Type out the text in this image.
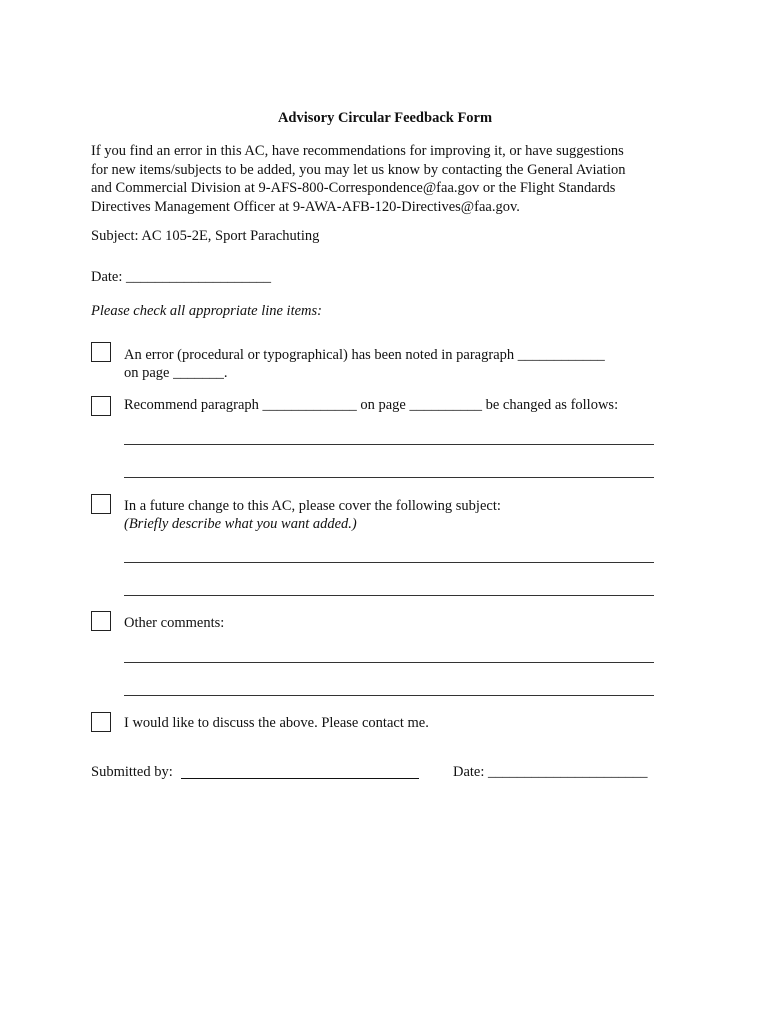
Advisory Circular Feedback Form
If you find an error in this AC, have recommendations for improving it, or have suggestions
for new items/subjects to be added, you may let us know by contacting the General Aviation
and Commercial Division at 9-AFS-800-Correspondence@faa.gov or the Flight Standards
Directives Management Officer at 9-AWA-AFB-120-Directives@faa.gov.
Subject: AC 105-2E, Sport Parachuting
Date: ____________________
Please check all appropriate line items:
An error (procedural or typographical) has been noted in paragraph ____________
on page _______.
Recommend paragraph _____________ on page __________ be changed as follows:
In a future change to this AC, please cover the following subject:
(Briefly describe what you want added.)
Other comments:
I would like to discuss the above. Please contact me.
Submitted by:	Date: ______________________
